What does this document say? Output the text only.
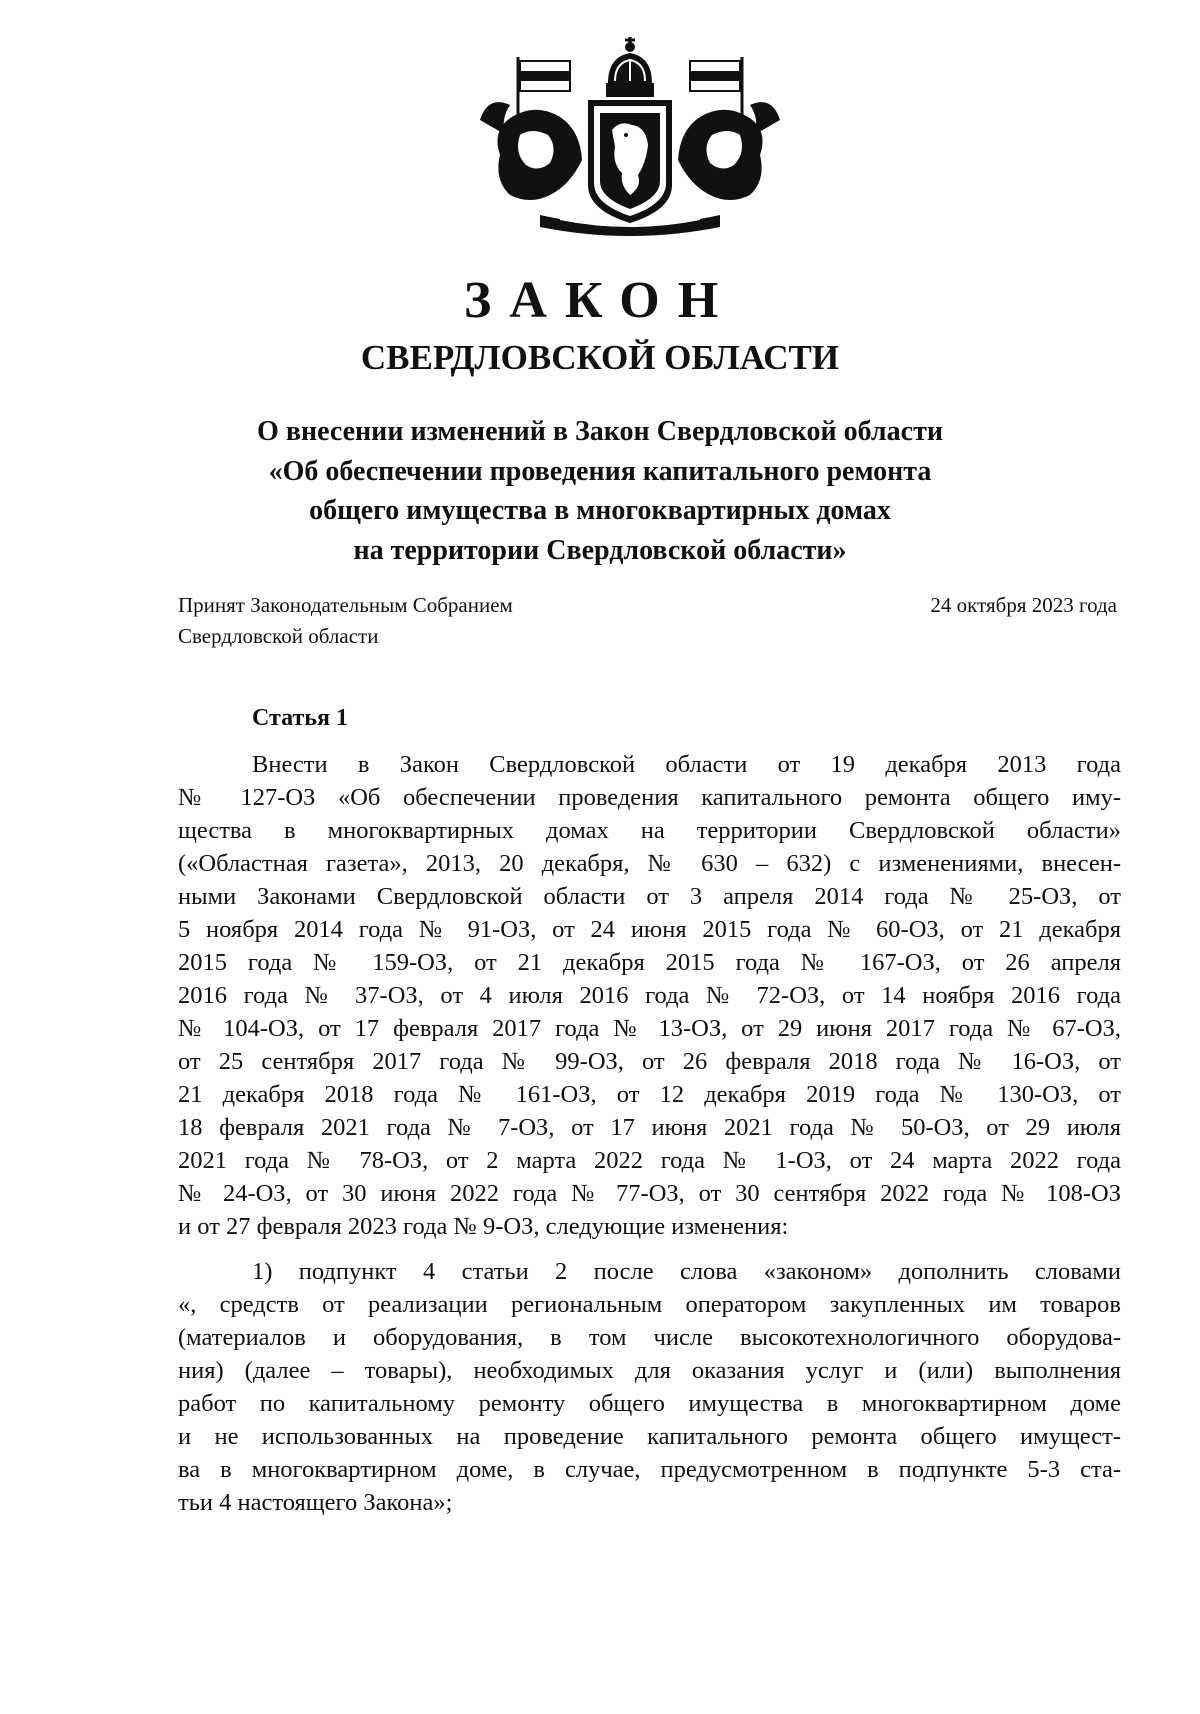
ЗАКОН
СВЕРДЛОВСКОЙ ОБЛАСТИ
О внесении изменений в Закон Свердловской области
«Об обеспечении проведения капитального ремонта
общего имущества в многоквартирных домах
на территории Свердловской области»
Принят Законодательным Собранием
Свердловской области
24 октября 2023 года
Статья 1
Внести в Закон Свердловской области от 19 декабря 2013 года
№ 127-ОЗ «Об обеспечении проведения капитального ремонта общего иму-
щества в многоквартирных домах на территории Свердловской области»
(«Областная газета», 2013, 20 декабря, № 630 – 632) с изменениями, внесен-
ными Законами Свердловской области от 3 апреля 2014 года № 25-ОЗ, от
5 ноября 2014 года № 91-ОЗ, от 24 июня 2015 года № 60-ОЗ, от 21 декабря
2015 года № 159-ОЗ, от 21 декабря 2015 года № 167-ОЗ, от 26 апреля
2016 года № 37-ОЗ, от 4 июля 2016 года № 72-ОЗ, от 14 ноября 2016 года
№ 104-ОЗ, от 17 февраля 2017 года № 13-ОЗ, от 29 июня 2017 года № 67-ОЗ,
от 25 сентября 2017 года № 99-ОЗ, от 26 февраля 2018 года № 16-ОЗ, от
21 декабря 2018 года № 161-ОЗ, от 12 декабря 2019 года № 130-ОЗ, от
18 февраля 2021 года № 7-ОЗ, от 17 июня 2021 года № 50-ОЗ, от 29 июля
2021 года № 78-ОЗ, от 2 марта 2022 года № 1-ОЗ, от 24 марта 2022 года
№ 24-ОЗ, от 30 июня 2022 года № 77-ОЗ, от 30 сентября 2022 года № 108-ОЗ
и от 27 февраля 2023 года № 9-ОЗ, следующие изменения:
1) подпункт 4 статьи 2 после слова «законом» дополнить словами
«, средств от реализации региональным оператором закупленных им товаров
(материалов и оборудования, в том числе высокотехнологичного оборудова-
ния) (далее – товары), необходимых для оказания услуг и (или) выполнения
работ по капитальному ремонту общего имущества в многоквартирном доме
и не использованных на проведение капитального ремонта общего имущест-
ва в многоквартирном доме, в случае, предусмотренном в подпункте 5-3 ста-
тьи 4 настоящего Закона»;
